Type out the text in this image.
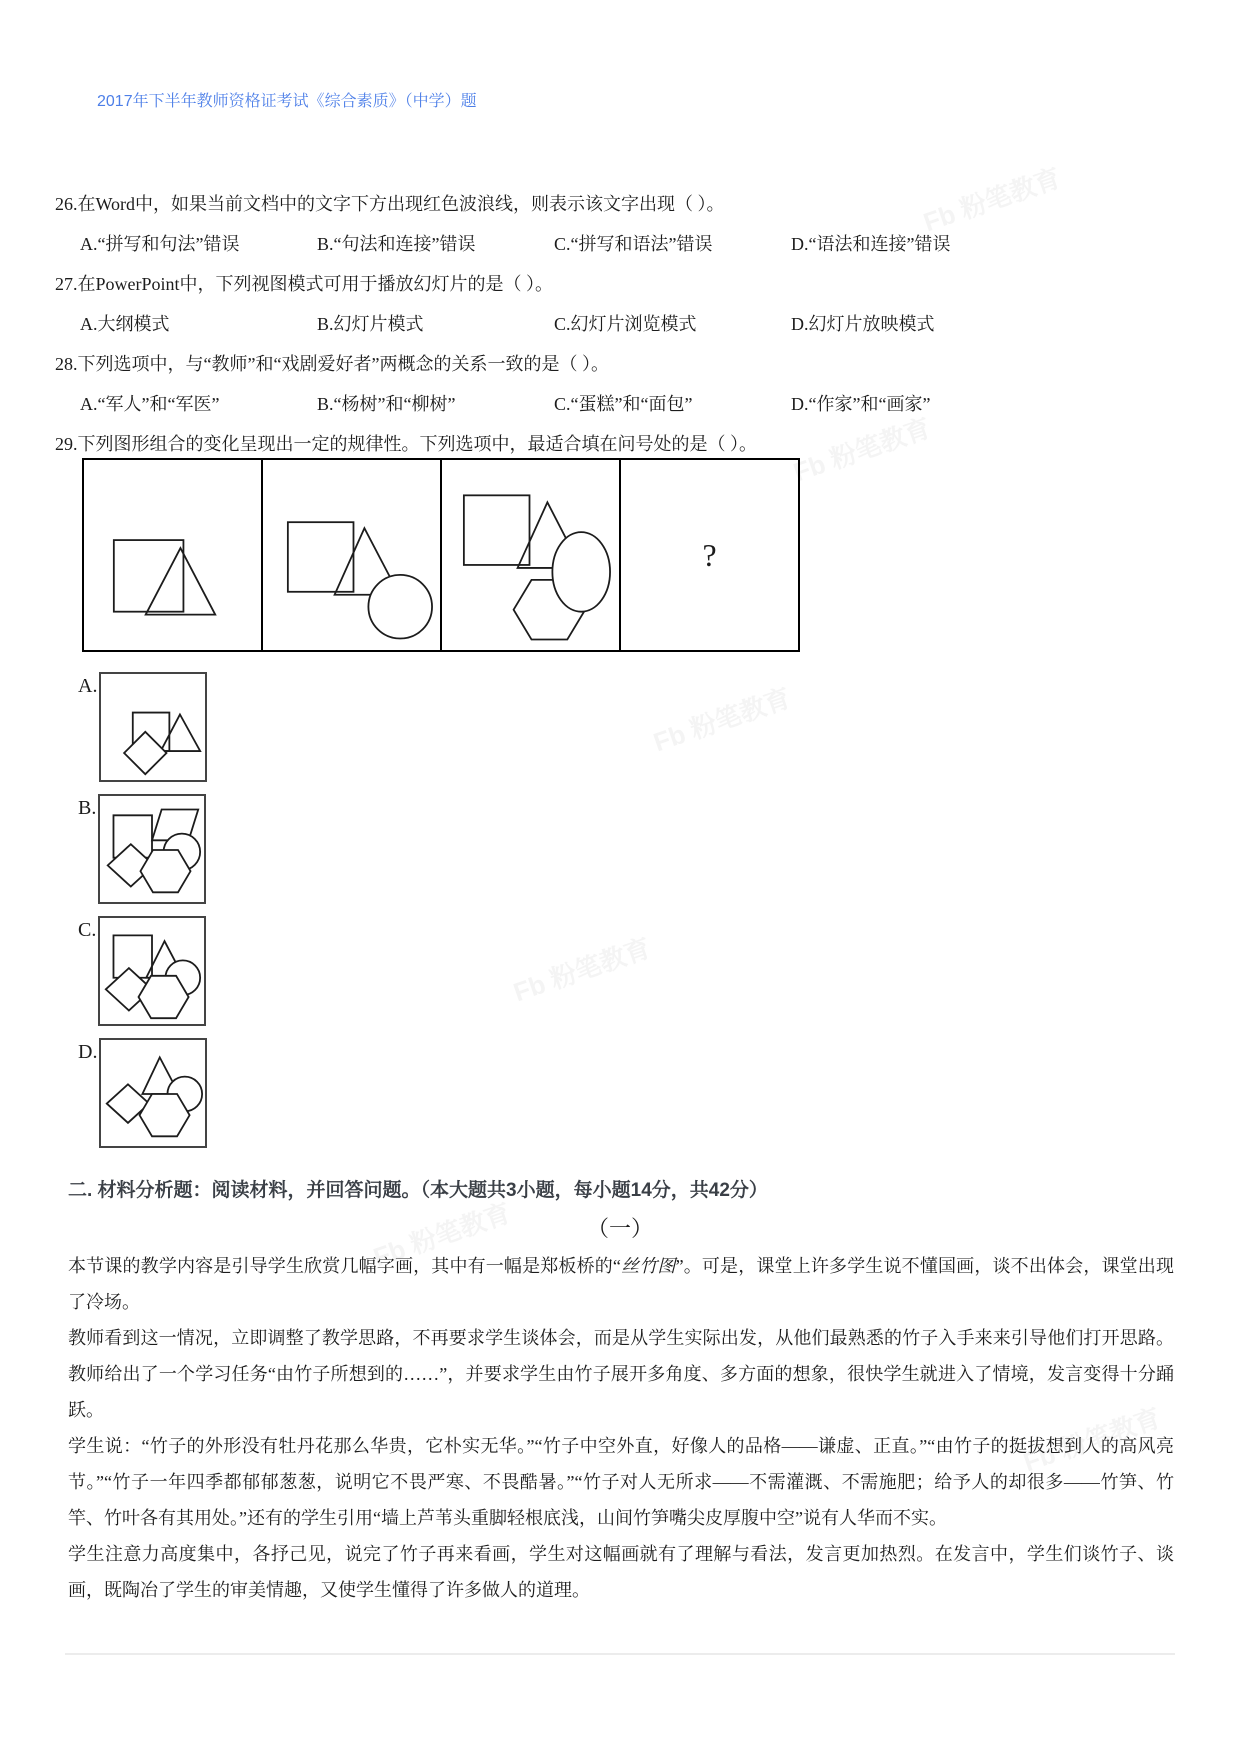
Fb 粉笔教育
Fb 粉笔教育
Fb 粉笔教育
Fb 粉笔教育
Fb 粉笔教育
Fb 粉笔教育
2017年下半年教师资格证考试《综合素质》（中学）题

26.在Word中，如果当前文档中的文字下方出现红色波浪线，则表示该文字出现（ ）。

A.“拼写和句法”错误	B.“句法和连接”错误	C.“拼写和语法”错误	D.“语法和连接”错误

27.在PowerPoint中，下列视图模式可用于播放幻灯片的是（ ）。

A.大纲模式	B.幻灯片模式	C.幻灯片浏览模式	D.幻灯片放映模式

28.下列选项中，与“教师”和“戏剧爱好者”两概念的关系一致的是（ ）。

A.“军人”和“军医”	B.“杨树”和“柳树”	C.“蛋糕”和“面包”	D.“作家”和“画家”

29.下列图形组合的变化呈现出一定的规律性。下列选项中，最适合填在问号处的是（ ）。

?
A.
B.
C.
D.
二. 材料分析题：阅读材料，并回答问题。（本大题共3小题，每小题14分，共42分）
（一）

本节课的教学内容是引导学生欣赏几幅字画，其中有一幅是郑板桥的“丝竹图”。可是，课堂上许多学生说不懂国画，谈不出体会，课堂出现了冷场。

教师看到这一情况，立即调整了教学思路，不再要求学生谈体会，而是从学生实际出发，从他们最熟悉的竹子入手来来引导他们打开思路。教师给出了一个学习任务“由竹子所想到的……”，并要求学生由竹子展开多角度、多方面的想象，很快学生就进入了情境，发言变得十分踊跃。

学生说：“竹子的外形没有牡丹花那么华贵，它朴实无华。”“竹子中空外直，好像人的品格——谦虚、正直。”“由竹子的挺拔想到人的高风亮节。”“竹子一年四季都郁郁葱葱，说明它不畏严寒、不畏酷暑。”“竹子对人无所求——不需灌溉、不需施肥；给予人的却很多——竹笋、竹竿、竹叶各有其用处。”还有的学生引用“墙上芦苇头重脚轻根底浅，山间竹笋嘴尖皮厚腹中空”说有人华而不实。

学生注意力高度集中，各抒己见，说完了竹子再来看画，学生对这幅画就有了理解与看法，发言更加热烈。在发言中，学生们谈竹子、谈画，既陶冶了学生的审美情趣，又使学生懂得了许多做人的道理。
